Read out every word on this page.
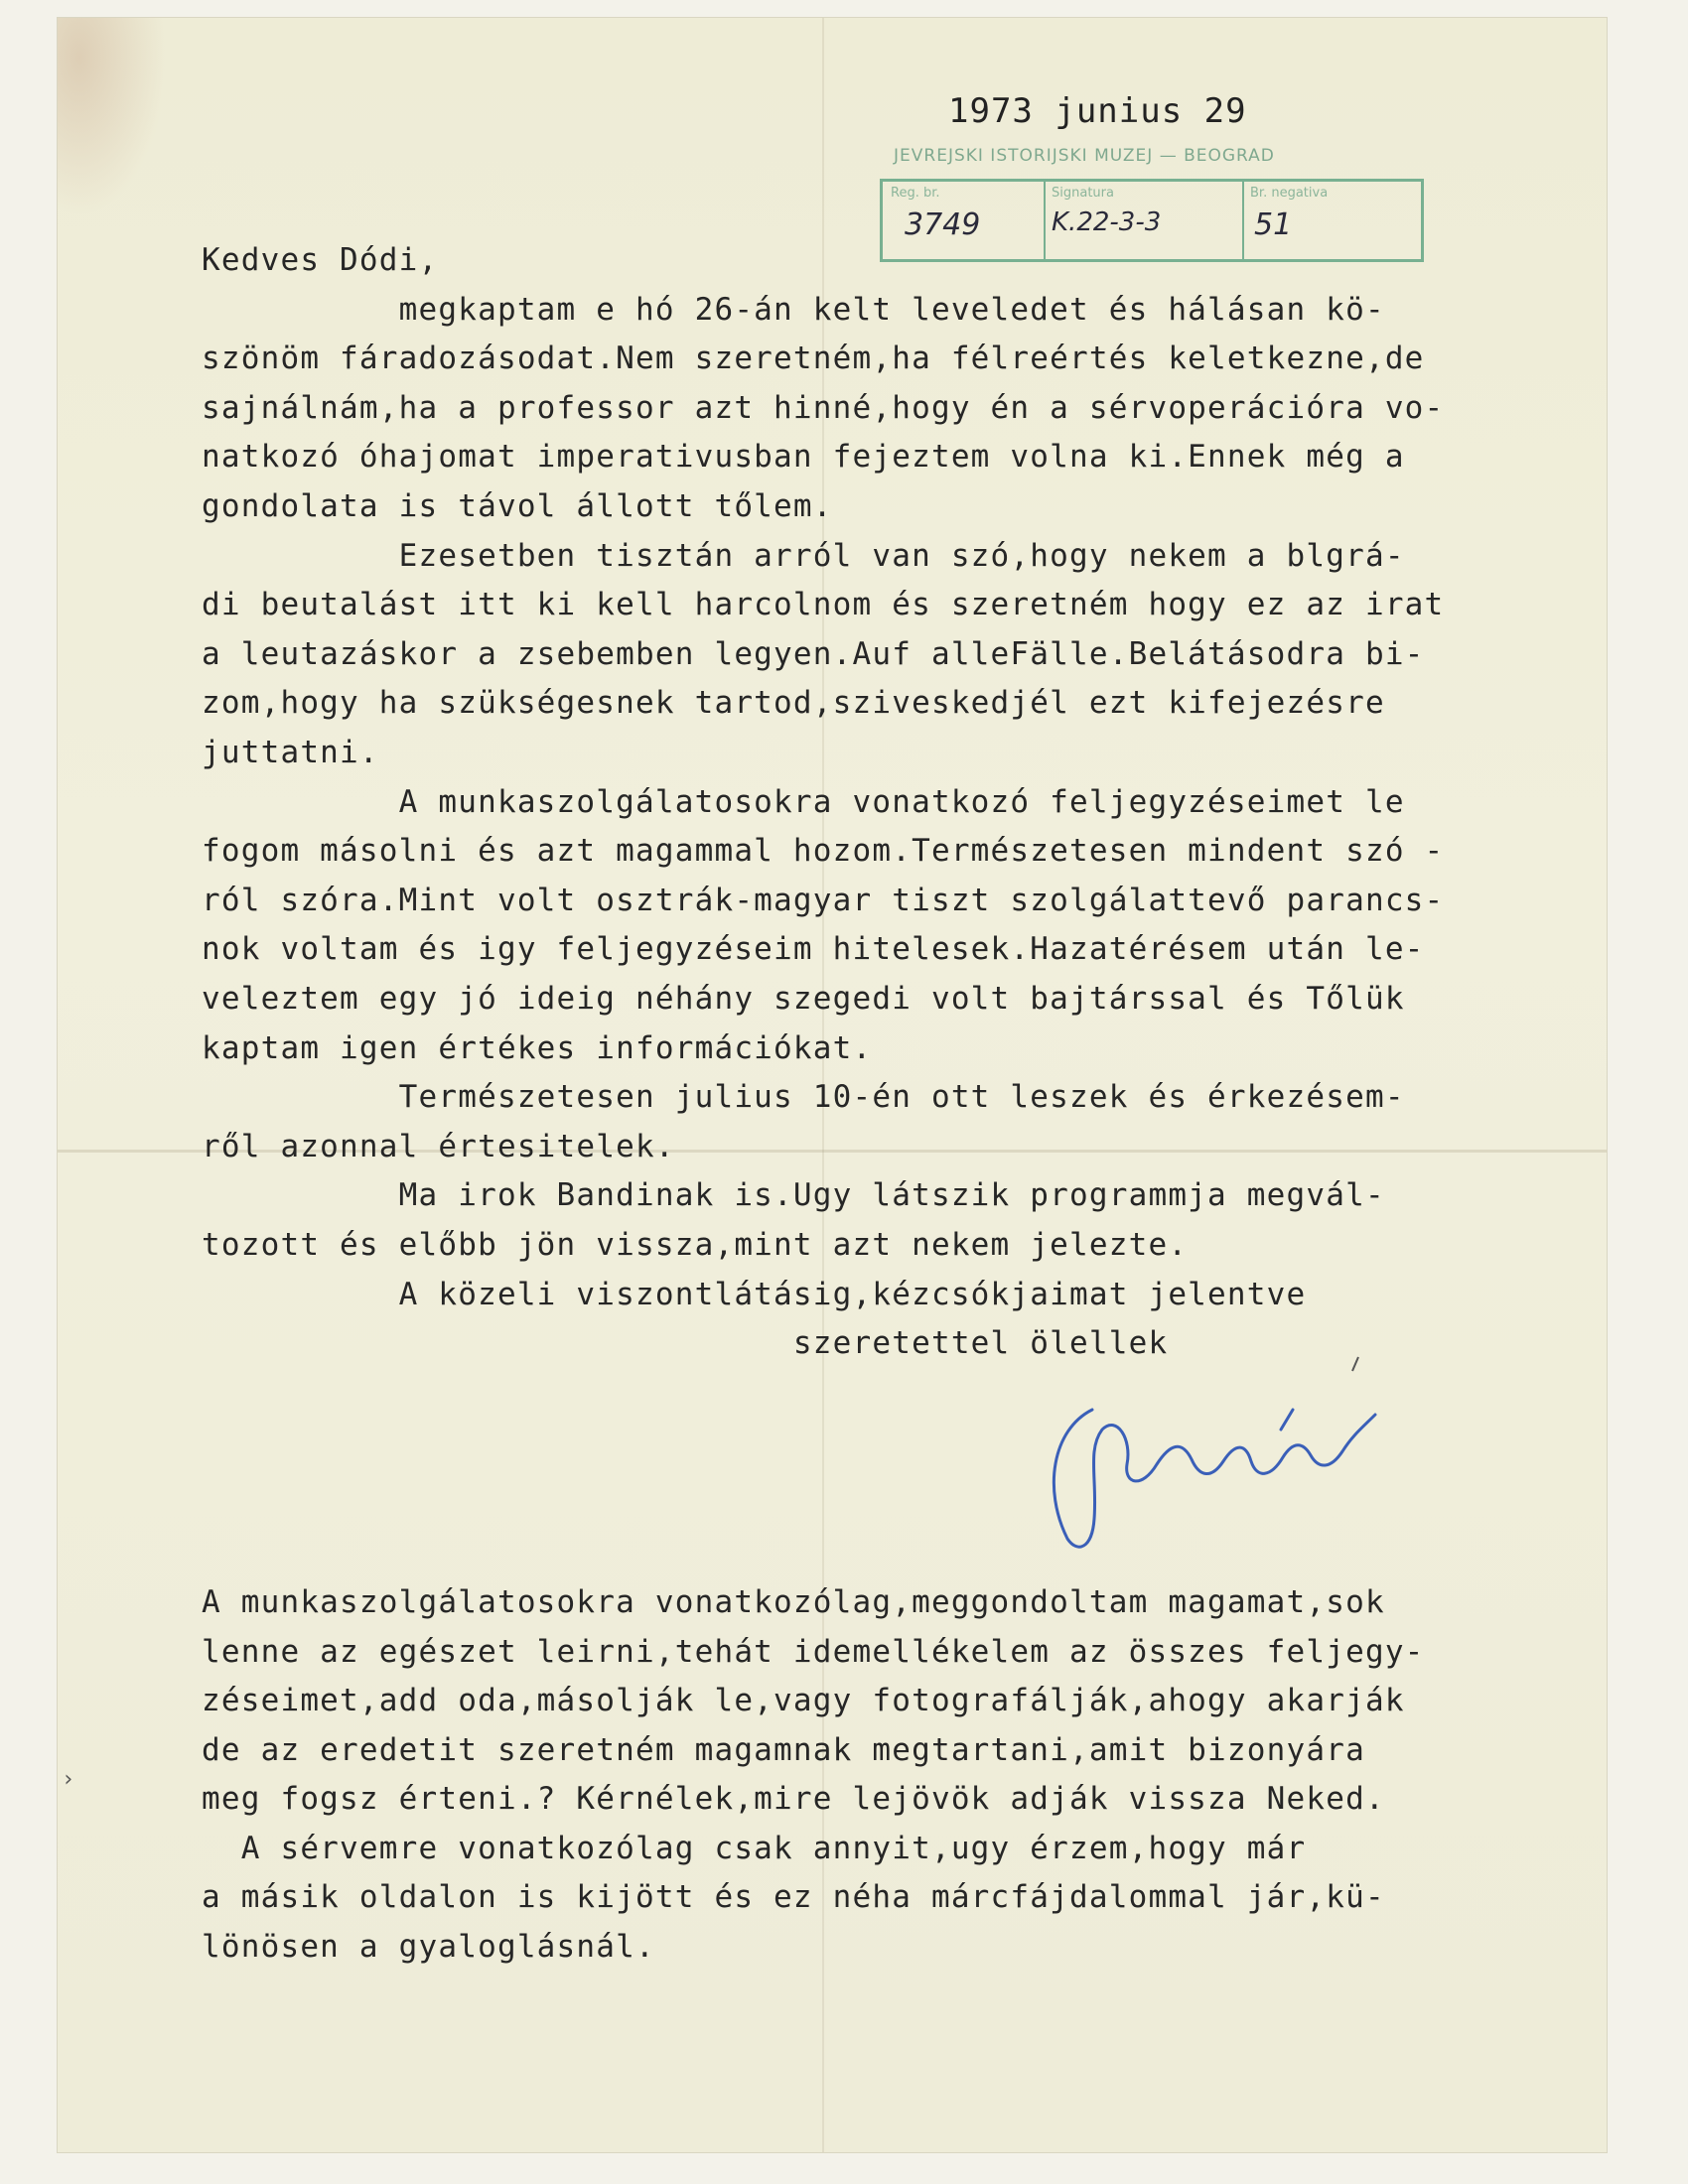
1973 junius 29
JEVREJSKI ISTORIJSKI MUZEJ — BEOGRAD
Reg. br.
3749
Signatura
K.22-3-3
Br. negativa
51
Kedves Dódi,
megkaptam e hó 26-án kelt leveledet és hálásan kö-
szönöm fáradozásodat.Nem szeretném,ha félreértés keletkezne,de
sajnálnám,ha a professor azt hinné,hogy én a sérvoperációra vo-
natkozó óhajomat imperativusban fejeztem volna ki.Ennek még a
gondolata is távol állott tőlem.
Ezesetben tisztán arról van szó,hogy nekem a blgrá-
di beutalást itt ki kell harcolnom és szeretném hogy ez az irat
a leutazáskor a zsebemben legyen.Auf alleFälle.Belátásodra bi-
zom,hogy ha szükségesnek tartod,sziveskedjél ezt kifejezésre
juttatni.
A munkaszolgálatosokra vonatkozó feljegyzéseimet le
fogom másolni és azt magammal hozom.Természetesen mindent szó -
ról szóra.Mint volt osztrák-magyar tiszt szolgálattevő parancs-
nok voltam és igy feljegyzéseim hitelesek.Hazatérésem után le-
veleztem egy jó ideig néhány szegedi volt bajtárssal és Tőlük
kaptam igen értékes információkat.
Természetesen julius 10-én ott leszek és érkezésem-
ről azonnal értesitelek.
Ma irok Bandinak is.Ugy látszik programmja megvál-
tozott és előbb jön vissza,mint azt nekem jelezte.
A közeli viszontlátásig,kézcsókjaimat jelentve
szeretettel ölellek
A munkaszolgálatosokra vonatkozólag,meggondoltam magamat,sok
lenne az egészet leirni,tehát idemellékelem az összes feljegy-
zéseimet,add oda,másolják le,vagy fotografálják,ahogy akarják
de az eredetit szeretném magamnak megtartani,amit bizonyára
meg fogsz érteni.? Kérnélek,mire lejövök adják vissza Neked.
A sérvemre vonatkozólag csak annyit,ugy érzem,hogy már
a másik oldalon is kijött és ez néha márcfájdalommal jár,kü-
lönösen a gyaloglásnál.
›
